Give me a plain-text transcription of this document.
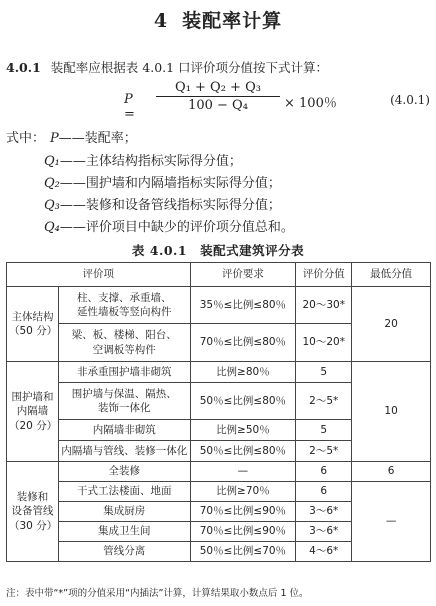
4 装配率计算
4.0.1 装配率应根据表 4.0.1 口评价项分值按下式计算：
P =
$\frac{\text{Q₁ + Q₂ + Q₃}}{\text{100 − Q₄}} \times 100$％	(4.0.1)
式中： P——装配率；
Q₁——主体结构指标实际得分值；
Q₂——围护墙和内隔墙指标实际得分值；
Q₃——装修和设备管线指标实际得分值；
Q₄——评价项目中缺少的评价项分值总和。
表 4.0.1　装配式建筑评分表
评价项		评价要求	评价分值	最低分值
主体结构
（50 分）	柱、支撑、承重墙、
延性墙板等竖向构件	35％≤比例≤80％	20～30*	20
	梁、板、楼梯、阳台、
空调板等构件	70％≤比例≤80％	10～20*	
围护墙和
内隔墙
（20 分）	非承重围护墙非砌筑	比例≥80％	5	10
	围护墙与保温、隔热、
装饰一体化	50％≤比例≤80％	2～5*	
	内隔墙非砌筑	比例≥50％	5	
	内隔墙与管线、装修一体化	50％≤比例≤80％	2～5*	
装修和
设备管线
（30 分）	全装修	—	6	6
	干式工法楼面、地面	比例≥70％	6	—
	集成厨房	70％≤比例≤90％	3～6*	
	集成卫生间	70％≤比例≤90％	3～6*	
	管线分离	50％≤比例≤70％	4～6*	
注：表中带“*”项的分值采用“内插法”计算，计算结果取小数点后 1 位。
